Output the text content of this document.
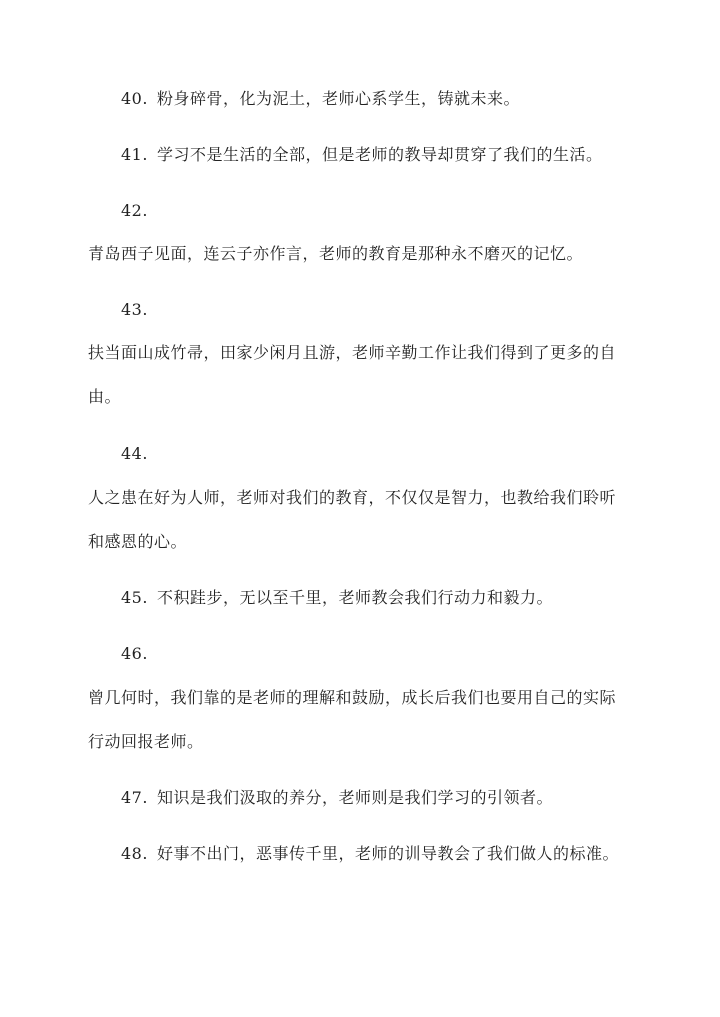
40. 粉身碎骨，化为泥土，老师心系学生，铸就未来。
41. 学习不是生活的全部，但是老师的教导却贯穿了我们的生活。
42.
青岛西子见面，连云子亦作言，老师的教育是那种永不磨灭的记忆。
43.
扶当面山成竹帚，田家少闲月且游，老师辛勤工作让我们得到了更多的自
由。
44.
人之患在好为人师，老师对我们的教育，不仅仅是智力，也教给我们聆听
和感恩的心。
45. 不积跬步，无以至千里，老师教会我们行动力和毅力。
46.
曾几何时，我们靠的是老师的理解和鼓励，成长后我们也要用自己的实际
行动回报老师。
47. 知识是我们汲取的养分，老师则是我们学习的引领者。
48. 好事不出门，恶事传千里，老师的训导教会了我们做人的标准。
